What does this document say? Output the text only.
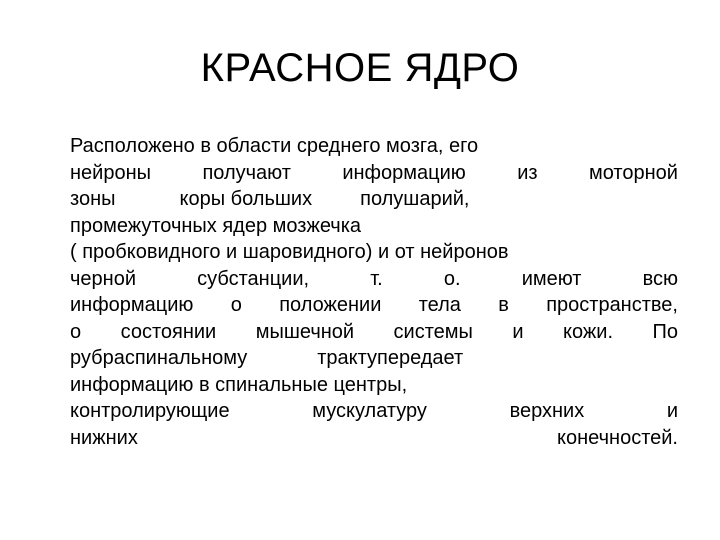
КРАСНОЕ ЯДРО
Расположено в области среднего мозга, его
нейроны	получают	информацию	из	моторной
зоны	коры больших полушарий,
промежуточных ядер мозжечка
( пробковидного и шаровидного) и от нейронов
черной	субстанции,	т.	о.	имеют	всю
информацию о положении тела в пространстве,
о состоянии мышечной системы и кожи. По
рубраспинальному	трактупередает
информацию в спинальные центры,
контролирующие	мускулатуру	верхних	и
нижних	конечностей.
